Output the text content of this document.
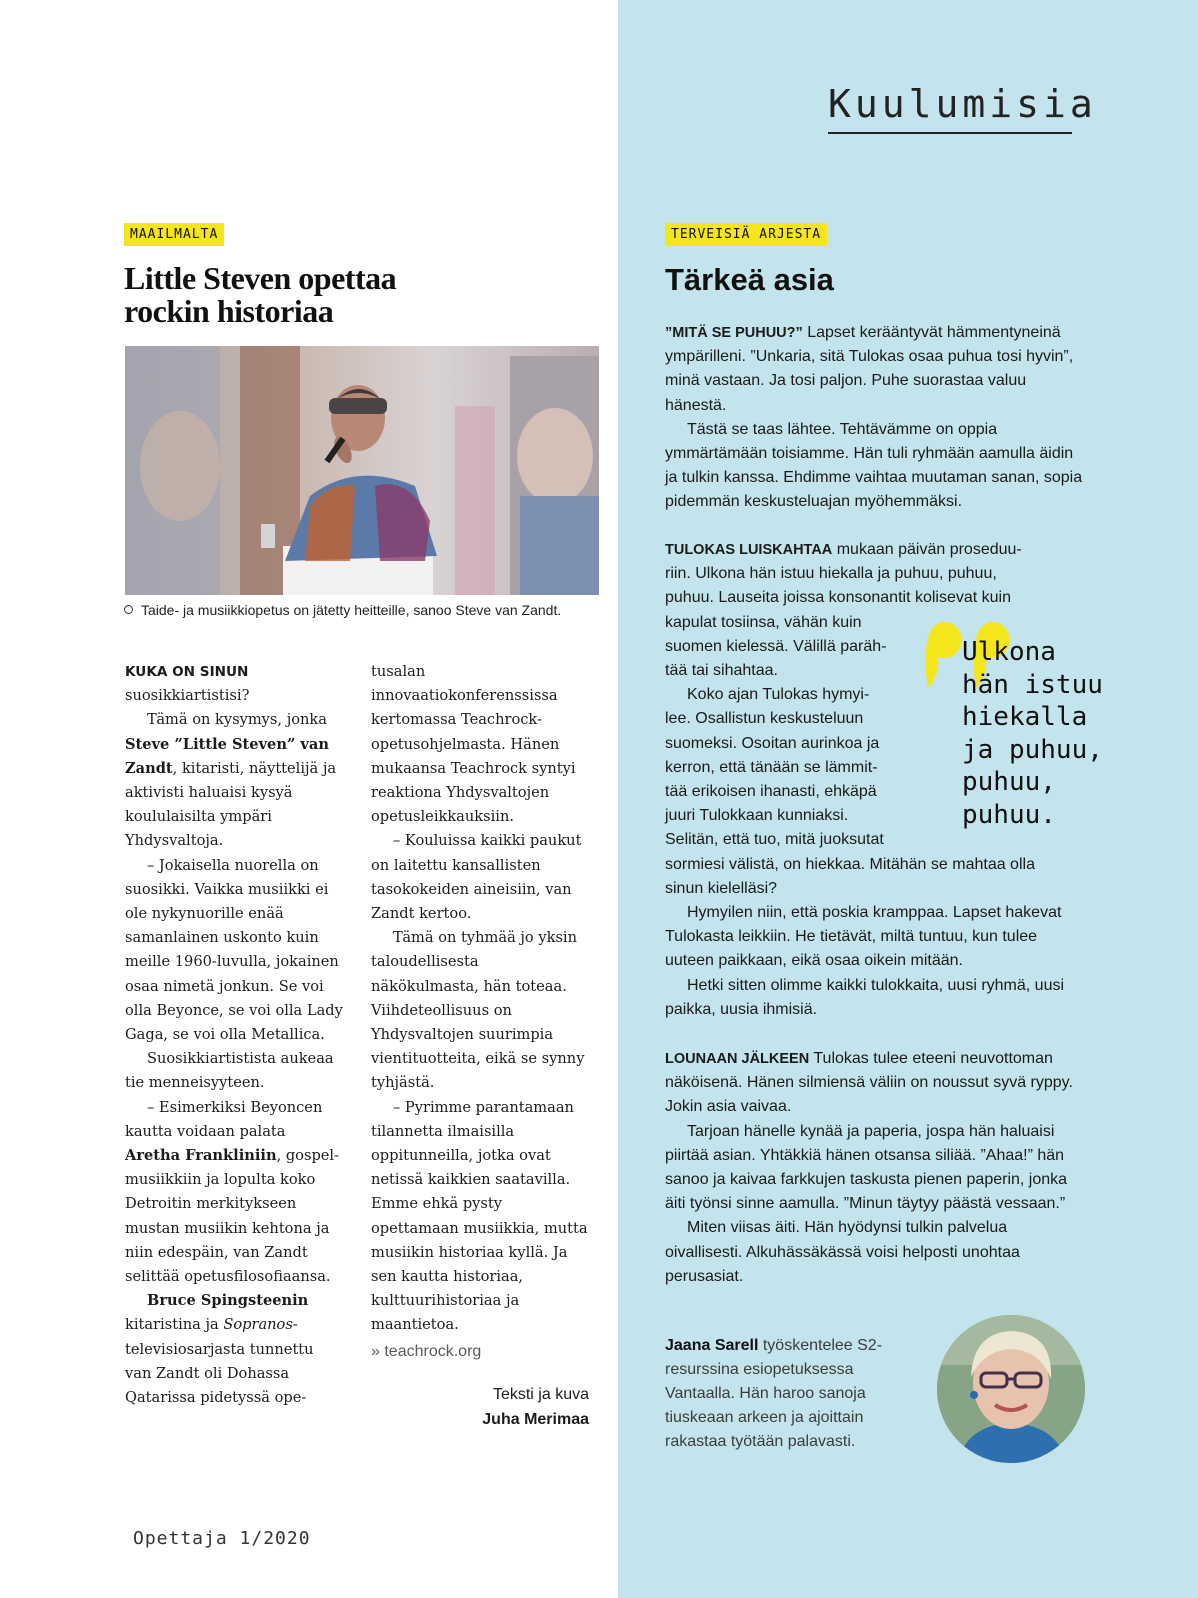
Kuulumisia
MAAILMALTA
Little Steven opettaa
rockin historiaa
Taide- ja musiikkiopetus on jätetty heitteille, sanoo Steve van Zandt.
KUKA ON SINUN suosikkiartistisi?
Tämä on kysymys, jonka Steve ”Little Steven” van Zandt, kitaristi, näyttelijä ja aktivisti haluaisi kysyä koululaisilta ympäri Yhdysvaltoja.
– Jokaisella nuorella on suosikki. Vaikka musiikki ei ole nykynuorille enää samanlainen uskonto kuin meille 1960-luvulla, jokainen osaa nimetä jonkun. Se voi olla Beyonce, se voi olla Lady Gaga, se voi olla Metallica.
Suosikkiartistista aukeaa tie menneisyyteen.
– Esimerkiksi Beyoncen kautta voidaan palata Aretha Frankliniin, gospel-musiikkiin ja lopulta koko Detroitin merkitykseen mustan musiikin kehtona ja niin edespäin, van Zandt selittää opetusfilosofiaansa.
Bruce Spingsteenin kitaristina ja Sopranos-televisiosarjasta tunnettu van Zandt oli Dohassa Qatarissa pidetyssä ope-
tusalan innovaatiokonferenssissa kertomassa Teachrock-opetusohjelmasta. Hänen mukaansa Teachrock syntyi reaktiona Yhdysvaltojen opetusleikkauksiin.
– Kouluissa kaikki paukut on laitettu kansallisten tasokokeiden aineisiin, van Zandt kertoo.
Tämä on tyhmää jo yksin taloudellisesta näkökulmasta, hän toteaa. Viihdeteollisuus on Yhdysvaltojen suurimpia vientituotteita, eikä se synny tyhjästä.
– Pyrimme parantamaan tilannetta ilmaisilla oppitunneilla, jotka ovat netissä kaikkien saatavilla. Emme ehkä pysty opettamaan musiikkia, mutta musiikin historiaa kyllä. Ja sen kautta historiaa, kulttuurihistoriaa ja maantietoa.
» teachrock.org
Teksti ja kuva
Juha Merimaa
TERVEISIÄ ARJESTA
Tärkeä asia

”MITÄ SE PUHUU?” Lapset kerääntyvät hämmentyneinä ympärilleni. ”Unkaria, sitä Tulokas osaa puhua tosi hyvin”, minä vastaan. Ja tosi paljon. Puhe suorastaa valuu hänestä.

Tästä se taas lähtee. Tehtävämme on oppia ymmärtämään toisiamme. Hän tuli ryhmään aamulla äidin ja tulkin kanssa. Ehdimme vaihtaa muutaman sanan, sopia pidemmän keskusteluajan myöhemmäksi.

TULOKAS LUISKAHTAA mukaan päivän proseduu-
riin. Ulkona hän istuu hiekalla ja puhuu, puhuu,
puhuu. Lauseita joissa konsonantit kolisevat kuin
kapulat tosiinsa, vähän kuin
suomen kielessä. Välillä paräh-
tää tai sihahtaa.
Koko ajan Tulokas hymyi-
lee. Osallistun keskusteluun
suomeksi. Osoitan aurinkoa ja
kerron, että tänään se lämmit-
tää erikoisen ihanasti, ehkäpä
juuri Tulokkaan kunniaksi.
Selitän, että tuo, mitä juoksutat
sormiesi välistä, on hiekkaa. Mitähän se mahtaa olla
sinun kielelläsi?

Hymyilen niin, että poskia kramppaa. Lapset hakevat Tulokasta leikkiin. He tietävät, miltä tuntuu, kun tulee uuteen paikkaan, eikä osaa oikein mitään.

Hetki sitten olimme kaikki tulokkaita, uusi ryhmä, uusi paikka, uusia ihmisiä.

LOUNAAN JÄLKEEN Tulokas tulee eteeni neuvottoman näköisenä. Hänen silmiensä väliin on noussut syvä ryppy. Jokin asia vaivaa.

Tarjoan hänelle kynää ja paperia, jospa hän haluaisi piirtää asian. Yhtäkkiä hänen otsansa siliää. ”Ahaa!” hän sanoo ja kaivaa farkkujen taskusta pienen paperin, jonka äiti työnsi sinne aamulla. ”Minun täytyy päästä vessaan.”

Miten viisas äiti. Hän hyödynsi tulkin palvelua oivallisesti. Alkuhässäkässä voisi helposti unohtaa perusasiat.

Ulkona
hän istuu
hiekalla
ja puhuu,
puhuu,
puhuu.
Jaana Sarell työskentelee S2-resurssina esiopetuksessa Vantaalla. Hän haroo sanoja tiuskeaan arkeen ja ajoittain rakastaa työtään palavasti.
Opettaja 1/2020
